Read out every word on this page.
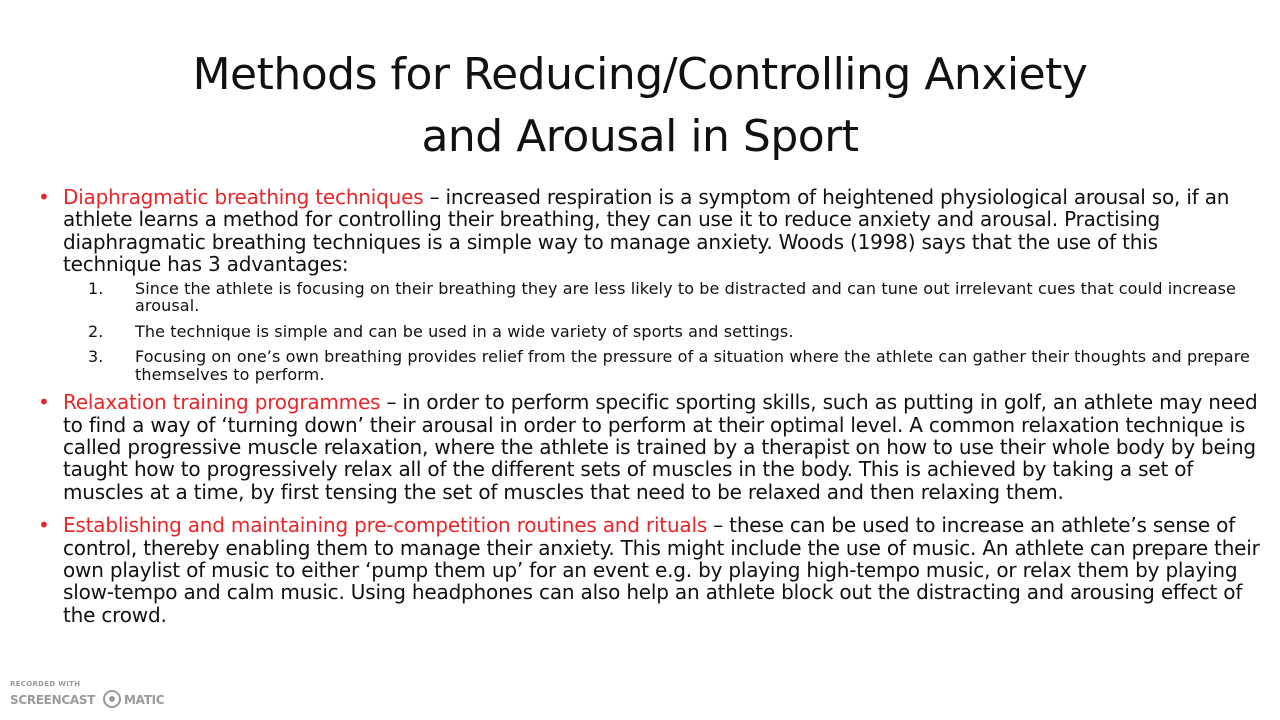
Methods for Reducing/Controlling Anxiety
and Arousal in Sport
• Diaphragmatic breathing techniques – increased respiration is a symptom of heightened physiological arousal so, if an athlete learns a method for controlling their breathing, they can use it to reduce anxiety and arousal. Practising diaphragmatic breathing techniques is a simple way to manage anxiety. Woods (1998) says that the use of this technique has 3 advantages:
1. Since the athlete is focusing on their breathing they are less likely to be distracted and can tune out irrelevant cues that could increase arousal.
2. The technique is simple and can be used in a wide variety of sports and settings.
3. Focusing on one’s own breathing provides relief from the pressure of a situation where the athlete can gather their thoughts and prepare themselves to perform.
• Relaxation training programmes – in order to perform specific sporting skills, such as putting in golf, an athlete may need to find a way of ‘turning down’ their arousal in order to perform at their optimal level. A common relaxation technique is called progressive muscle relaxation, where the athlete is trained by a therapist on how to use their whole body by being taught how to progressively relax all of the different sets of muscles in the body. This is achieved by taking a set of muscles at a time, by first tensing the set of muscles that need to be relaxed and then relaxing them.
• Establishing and maintaining pre-competition routines and rituals – these can be used to increase an athlete’s sense of control, thereby enabling them to manage their anxiety. This might include the use of music. An athlete can prepare their own playlist of music to either ‘pump them up’ for an event e.g. by playing high-tempo music, or relax them by playing slow-tempo and calm music. Using headphones can also help an athlete block out the distracting and arousing effect of the crowd.
RECORDED WITH
SCREENCAST MATIC
